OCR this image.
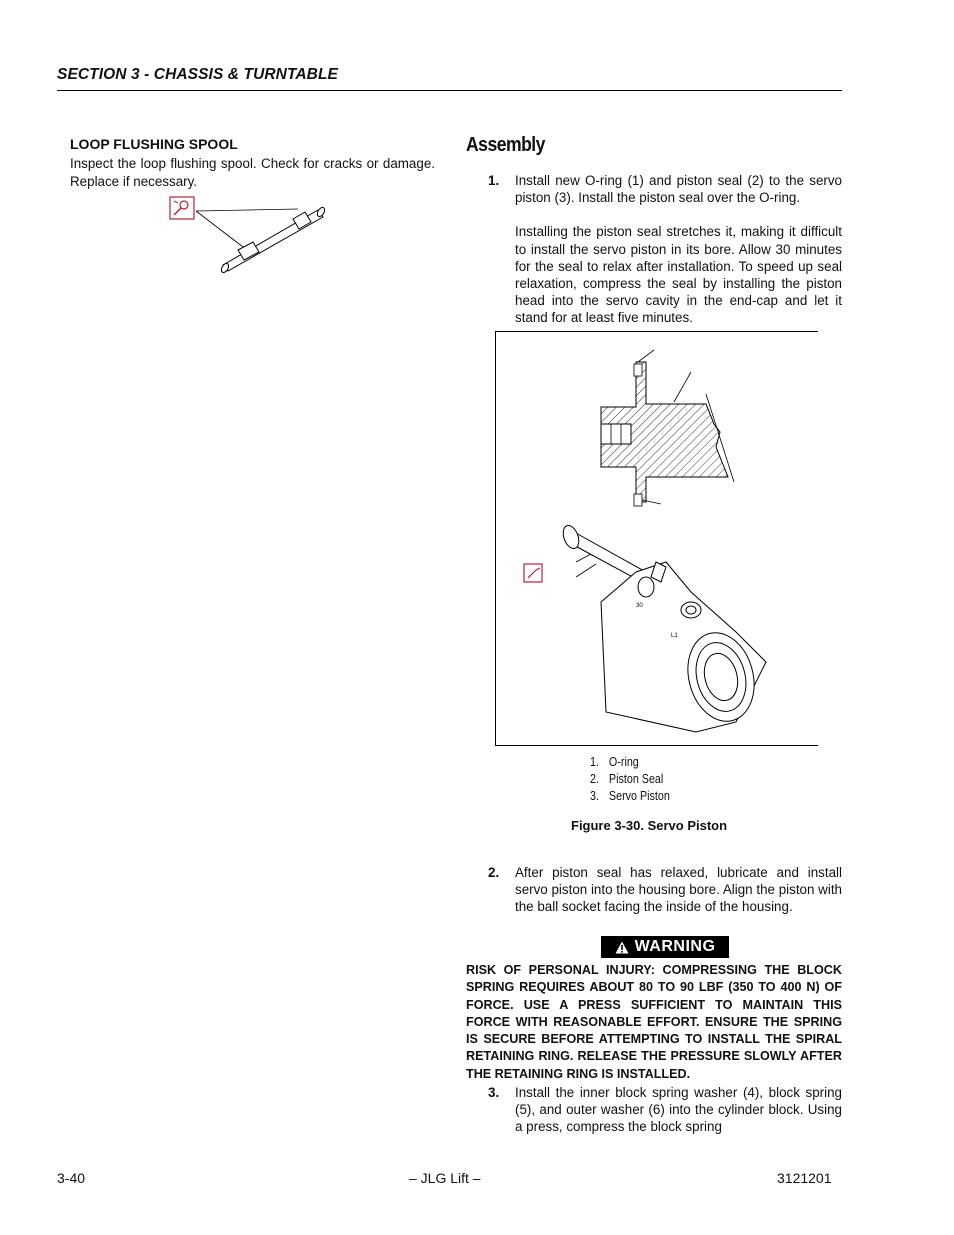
SECTION 3 - CHASSIS & TURNTABLE
LOOP FLUSHING SPOOL
Inspect the loop flushing spool. Check for cracks or damage. Replace if necessary.
Assembly
1. Install new O-ring (1) and piston seal (2) to the servo piston (3). Install the piston seal over the O-ring.
Installing the piston seal stretches it, making it difficult to install the servo piston in its bore. Allow 30 minutes for the seal to relax after installation. To speed up seal relaxation, compress the seal by installing the piston head into the servo cavity in the end-cap and let it stand for at least five minutes.
30
L1
1. O-ring
2. Piston Seal
3. Servo Piston
Figure 3-30. Servo Piston
2. After piston seal has relaxed, lubricate and install servo piston into the housing bore. Align the piston with the ball socket facing the inside of the housing.
WARNING
RISK OF PERSONAL INJURY: COMPRESSING THE BLOCK SPRING REQUIRES ABOUT 80 TO 90 LBF (350 TO 400 N) OF FORCE. USE A PRESS SUFFICIENT TO MAINTAIN THIS FORCE WITH REASONABLE EFFORT. ENSURE THE SPRING IS SECURE BEFORE ATTEMPTING TO INSTALL THE SPIRAL RETAINING RING. RELEASE THE PRESSURE SLOWLY AFTER THE RETAINING RING IS INSTALLED.
3. Install the inner block spring washer (4), block spring (5), and outer washer (6) into the cylinder block. Using a press, compress the block spring
3-40	– JLG Lift –	3121201
